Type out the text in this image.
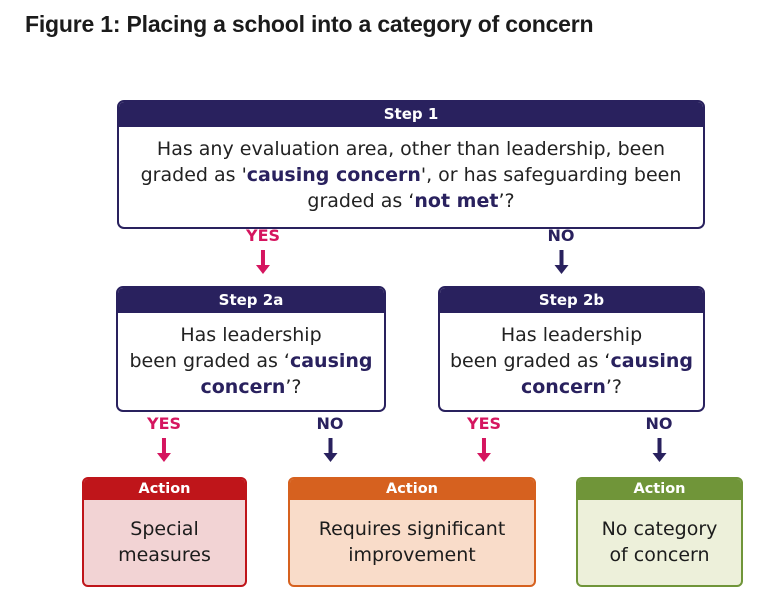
Figure 1: Placing a school into a category of concern
Step 1
Has any evaluation area, other than leadership, been
graded as 'causing concern', or has safeguarding been
graded as ‘not met’?
YES	NO
Step 2a
Has leadership
been graded as ‘causing concern’?
Step 2b
Has leadership
been graded as ‘causing concern’?
YES	NO	YES	NO
Action
Special measures
Action
Requires significant improvement
Action
No category of concern
